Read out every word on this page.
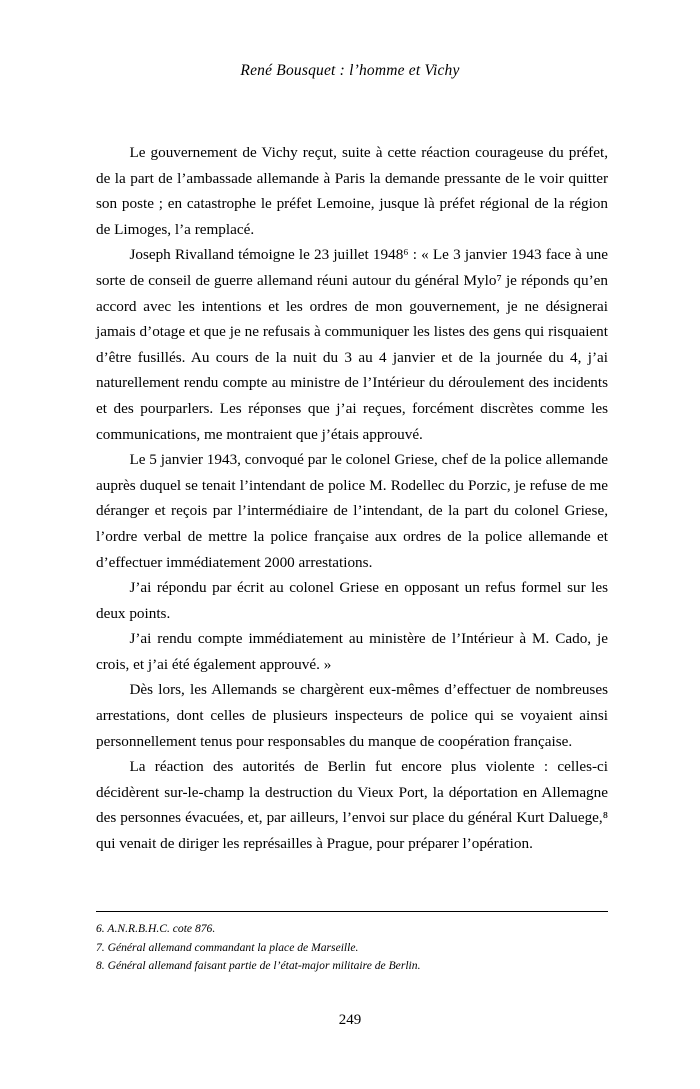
René Bousquet : l’homme et Vichy

Le gouvernement de Vichy reçut, suite à cette réaction courageuse du préfet, de la part de l’ambassade allemande à Paris la demande pressante de le voir quitter son poste ; en catastrophe le préfet Lemoine, jusque là préfet régional de la région de Limoges, l’a remplacé.

Joseph Rivalland témoigne le 23 juillet 1948⁶ : « Le 3 janvier 1943 face à une sorte de conseil de guerre allemand réuni autour du général Mylo⁷ je réponds qu’en accord avec les intentions et les ordres de mon gouvernement, je ne désignerai jamais d’otage et que je ne refusais à communiquer les listes des gens qui risquaient d’être fusillés. Au cours de la nuit du 3 au 4 janvier et de la journée du 4, j’ai naturellement rendu compte au ministre de l’Intérieur du déroulement des incidents et des pourparlers. Les réponses que j’ai reçues, forcément discrètes comme les communications, me montraient que j’étais approuvé.

Le 5 janvier 1943, convoqué par le colonel Griese, chef de la police allemande auprès duquel se tenait l’intendant de police M. Rodellec du Porzic, je refuse de me déranger et reçois par l’intermédiaire de l’intendant, de la part du colonel Griese, l’ordre verbal de mettre la police française aux ordres de la police allemande et d’effectuer immédiatement 2000 arrestations.

J’ai répondu par écrit au colonel Griese en opposant un refus formel sur les deux points.

J’ai rendu compte immédiatement au ministère de l’Intérieur à M. Cado, je crois, et j’ai été également approuvé. »

Dès lors, les Allemands se chargèrent eux-mêmes d’effectuer de nombreuses arrestations, dont celles de plusieurs inspecteurs de police qui se voyaient ainsi personnellement tenus pour responsables du manque de coopération française.

La réaction des autorités de Berlin fut encore plus violente : celles-ci décidèrent sur-le-champ la destruction du Vieux Port, la déportation en Allemagne des personnes évacuées, et, par ailleurs, l’envoi sur place du général Kurt Daluege,⁸ qui venait de diriger les représailles à Prague, pour préparer l’opération.

6. A.N.R.B.H.C. cote 876.
7. Général allemand commandant la place de Marseille.
8. Général allemand faisant partie de l’état-major militaire de Berlin.
249
